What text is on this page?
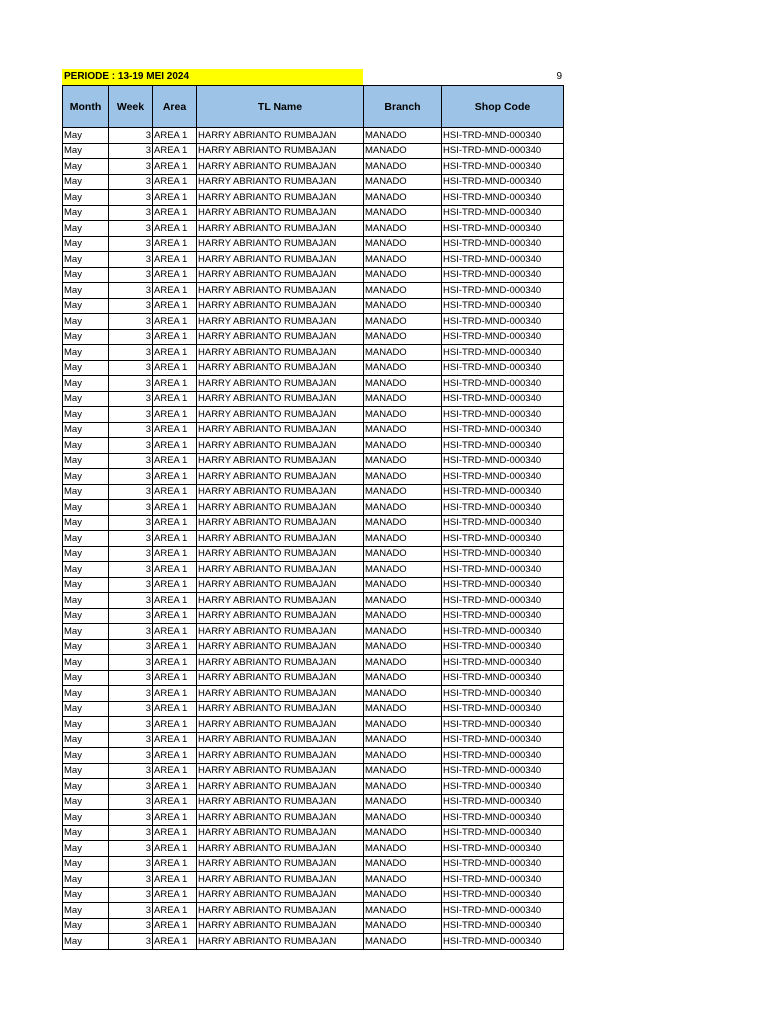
PERIODE : 13-19 MEI 2024	9
Month	Week	Area	TL Name	Branch	Shop Code
May	3	AREA 1	HARRY ABRIANTO RUMBAJAN	MANADO	HSI-TRD-MND-000340
May	3	AREA 1	HARRY ABRIANTO RUMBAJAN	MANADO	HSI-TRD-MND-000340
May	3	AREA 1	HARRY ABRIANTO RUMBAJAN	MANADO	HSI-TRD-MND-000340
May	3	AREA 1	HARRY ABRIANTO RUMBAJAN	MANADO	HSI-TRD-MND-000340
May	3	AREA 1	HARRY ABRIANTO RUMBAJAN	MANADO	HSI-TRD-MND-000340
May	3	AREA 1	HARRY ABRIANTO RUMBAJAN	MANADO	HSI-TRD-MND-000340
May	3	AREA 1	HARRY ABRIANTO RUMBAJAN	MANADO	HSI-TRD-MND-000340
May	3	AREA 1	HARRY ABRIANTO RUMBAJAN	MANADO	HSI-TRD-MND-000340
May	3	AREA 1	HARRY ABRIANTO RUMBAJAN	MANADO	HSI-TRD-MND-000340
May	3	AREA 1	HARRY ABRIANTO RUMBAJAN	MANADO	HSI-TRD-MND-000340
May	3	AREA 1	HARRY ABRIANTO RUMBAJAN	MANADO	HSI-TRD-MND-000340
May	3	AREA 1	HARRY ABRIANTO RUMBAJAN	MANADO	HSI-TRD-MND-000340
May	3	AREA 1	HARRY ABRIANTO RUMBAJAN	MANADO	HSI-TRD-MND-000340
May	3	AREA 1	HARRY ABRIANTO RUMBAJAN	MANADO	HSI-TRD-MND-000340
May	3	AREA 1	HARRY ABRIANTO RUMBAJAN	MANADO	HSI-TRD-MND-000340
May	3	AREA 1	HARRY ABRIANTO RUMBAJAN	MANADO	HSI-TRD-MND-000340
May	3	AREA 1	HARRY ABRIANTO RUMBAJAN	MANADO	HSI-TRD-MND-000340
May	3	AREA 1	HARRY ABRIANTO RUMBAJAN	MANADO	HSI-TRD-MND-000340
May	3	AREA 1	HARRY ABRIANTO RUMBAJAN	MANADO	HSI-TRD-MND-000340
May	3	AREA 1	HARRY ABRIANTO RUMBAJAN	MANADO	HSI-TRD-MND-000340
May	3	AREA 1	HARRY ABRIANTO RUMBAJAN	MANADO	HSI-TRD-MND-000340
May	3	AREA 1	HARRY ABRIANTO RUMBAJAN	MANADO	HSI-TRD-MND-000340
May	3	AREA 1	HARRY ABRIANTO RUMBAJAN	MANADO	HSI-TRD-MND-000340
May	3	AREA 1	HARRY ABRIANTO RUMBAJAN	MANADO	HSI-TRD-MND-000340
May	3	AREA 1	HARRY ABRIANTO RUMBAJAN	MANADO	HSI-TRD-MND-000340
May	3	AREA 1	HARRY ABRIANTO RUMBAJAN	MANADO	HSI-TRD-MND-000340
May	3	AREA 1	HARRY ABRIANTO RUMBAJAN	MANADO	HSI-TRD-MND-000340
May	3	AREA 1	HARRY ABRIANTO RUMBAJAN	MANADO	HSI-TRD-MND-000340
May	3	AREA 1	HARRY ABRIANTO RUMBAJAN	MANADO	HSI-TRD-MND-000340
May	3	AREA 1	HARRY ABRIANTO RUMBAJAN	MANADO	HSI-TRD-MND-000340
May	3	AREA 1	HARRY ABRIANTO RUMBAJAN	MANADO	HSI-TRD-MND-000340
May	3	AREA 1	HARRY ABRIANTO RUMBAJAN	MANADO	HSI-TRD-MND-000340
May	3	AREA 1	HARRY ABRIANTO RUMBAJAN	MANADO	HSI-TRD-MND-000340
May	3	AREA 1	HARRY ABRIANTO RUMBAJAN	MANADO	HSI-TRD-MND-000340
May	3	AREA 1	HARRY ABRIANTO RUMBAJAN	MANADO	HSI-TRD-MND-000340
May	3	AREA 1	HARRY ABRIANTO RUMBAJAN	MANADO	HSI-TRD-MND-000340
May	3	AREA 1	HARRY ABRIANTO RUMBAJAN	MANADO	HSI-TRD-MND-000340
May	3	AREA 1	HARRY ABRIANTO RUMBAJAN	MANADO	HSI-TRD-MND-000340
May	3	AREA 1	HARRY ABRIANTO RUMBAJAN	MANADO	HSI-TRD-MND-000340
May	3	AREA 1	HARRY ABRIANTO RUMBAJAN	MANADO	HSI-TRD-MND-000340
May	3	AREA 1	HARRY ABRIANTO RUMBAJAN	MANADO	HSI-TRD-MND-000340
May	3	AREA 1	HARRY ABRIANTO RUMBAJAN	MANADO	HSI-TRD-MND-000340
May	3	AREA 1	HARRY ABRIANTO RUMBAJAN	MANADO	HSI-TRD-MND-000340
May	3	AREA 1	HARRY ABRIANTO RUMBAJAN	MANADO	HSI-TRD-MND-000340
May	3	AREA 1	HARRY ABRIANTO RUMBAJAN	MANADO	HSI-TRD-MND-000340
May	3	AREA 1	HARRY ABRIANTO RUMBAJAN	MANADO	HSI-TRD-MND-000340
May	3	AREA 1	HARRY ABRIANTO RUMBAJAN	MANADO	HSI-TRD-MND-000340
May	3	AREA 1	HARRY ABRIANTO RUMBAJAN	MANADO	HSI-TRD-MND-000340
May	3	AREA 1	HARRY ABRIANTO RUMBAJAN	MANADO	HSI-TRD-MND-000340
May	3	AREA 1	HARRY ABRIANTO RUMBAJAN	MANADO	HSI-TRD-MND-000340
May	3	AREA 1	HARRY ABRIANTO RUMBAJAN	MANADO	HSI-TRD-MND-000340
May	3	AREA 1	HARRY ABRIANTO RUMBAJAN	MANADO	HSI-TRD-MND-000340
May	3	AREA 1	HARRY ABRIANTO RUMBAJAN	MANADO	HSI-TRD-MND-000340
